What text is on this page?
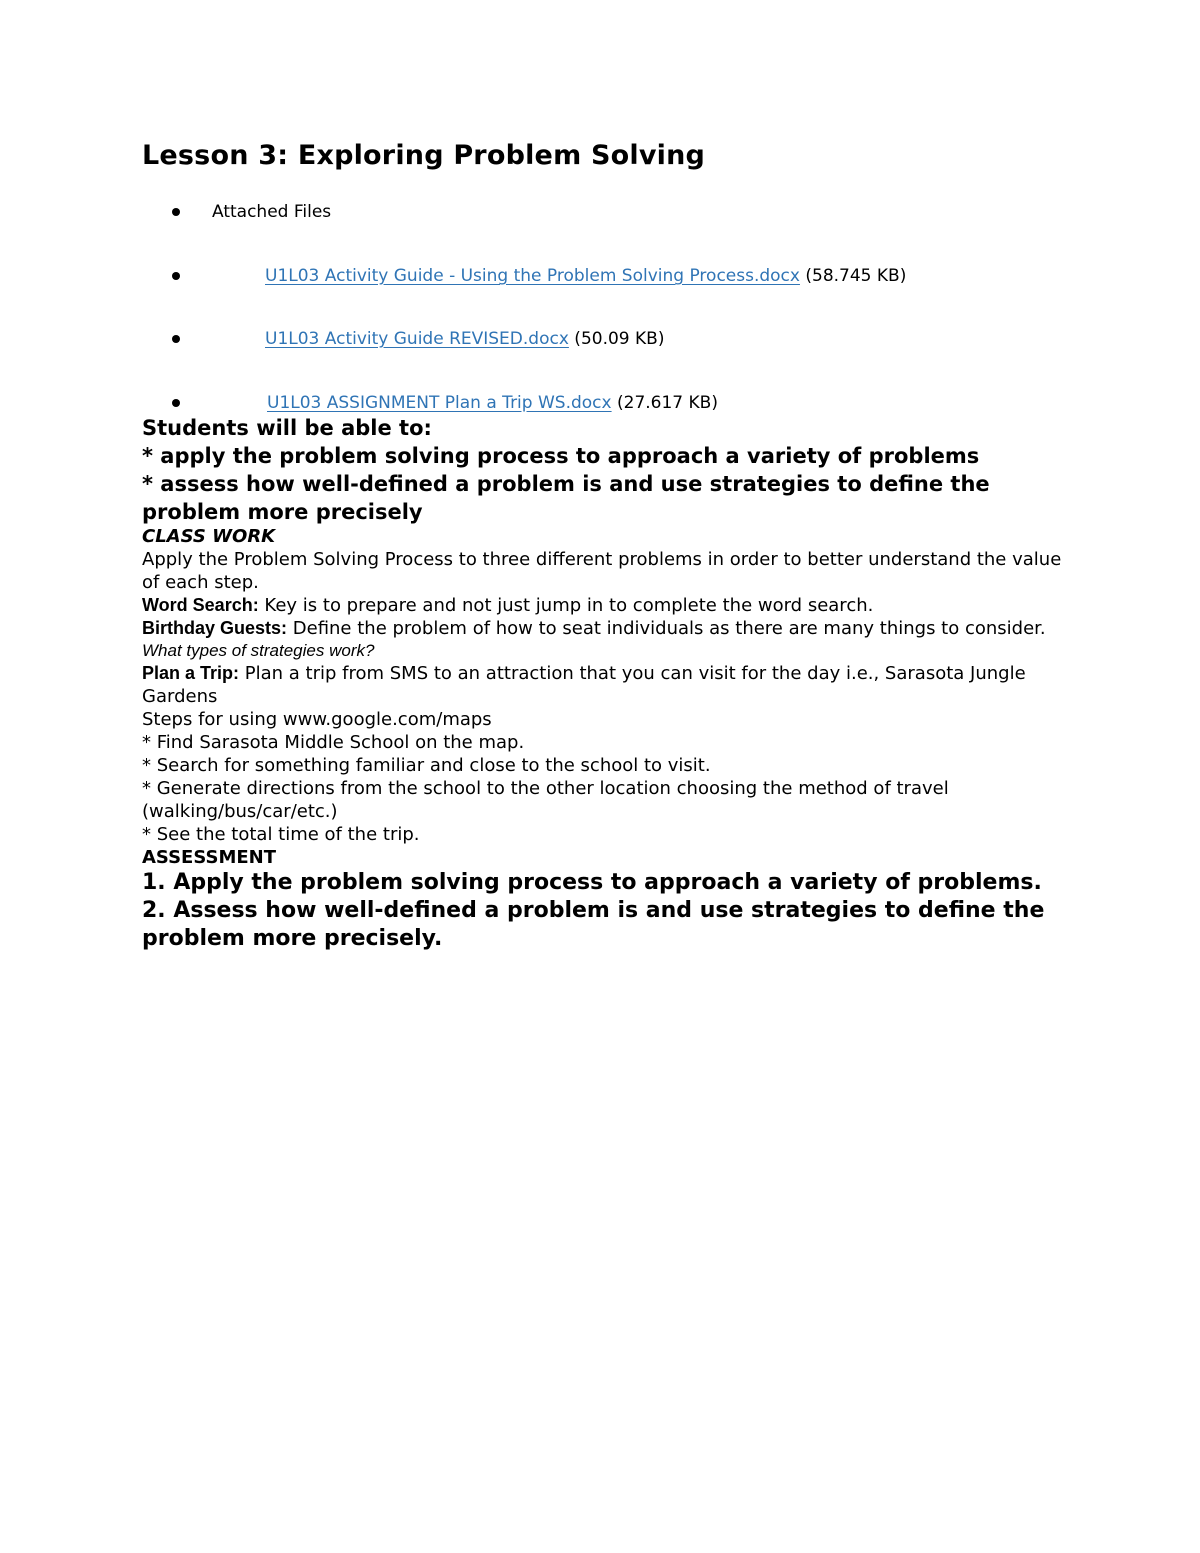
Lesson 3: Exploring Problem Solving
Attached Files
U1L03 Activity Guide - Using the Problem Solving Process.docx (58.745 KB)
U1L03 Activity Guide REVISED.docx (50.09 KB)
U1L03 ASSIGNMENT Plan a Trip WS.docx (27.617 KB)

Students will be able to:

* apply the problem solving process to approach a variety of problems

* assess how well-defined a problem is and use strategies to define the problem more precisely

CLASS WORK

Apply the Problem Solving Process to three different problems in order to better understand the value of each step.

Word Search: Key is to prepare and not just jump in to complete the word search.

Birthday Guests: Define the problem of how to seat individuals as there are many things to consider.

What types of strategies work?

Plan a Trip: Plan a trip from SMS to an attraction that you can visit for the day i.e., Sarasota Jungle Gardens

Steps for using www.google.com/maps

* Find Sarasota Middle School on the map.

* Search for something familiar and close to the school to visit.

* Generate directions from the school to the other location choosing the method of travel (walking/bus/car/etc.)

* See the total time of the trip.

ASSESSMENT

1. Apply the problem solving process to approach a variety of problems.

2. Assess how well-defined a problem is and use strategies to define the problem more precisely.
